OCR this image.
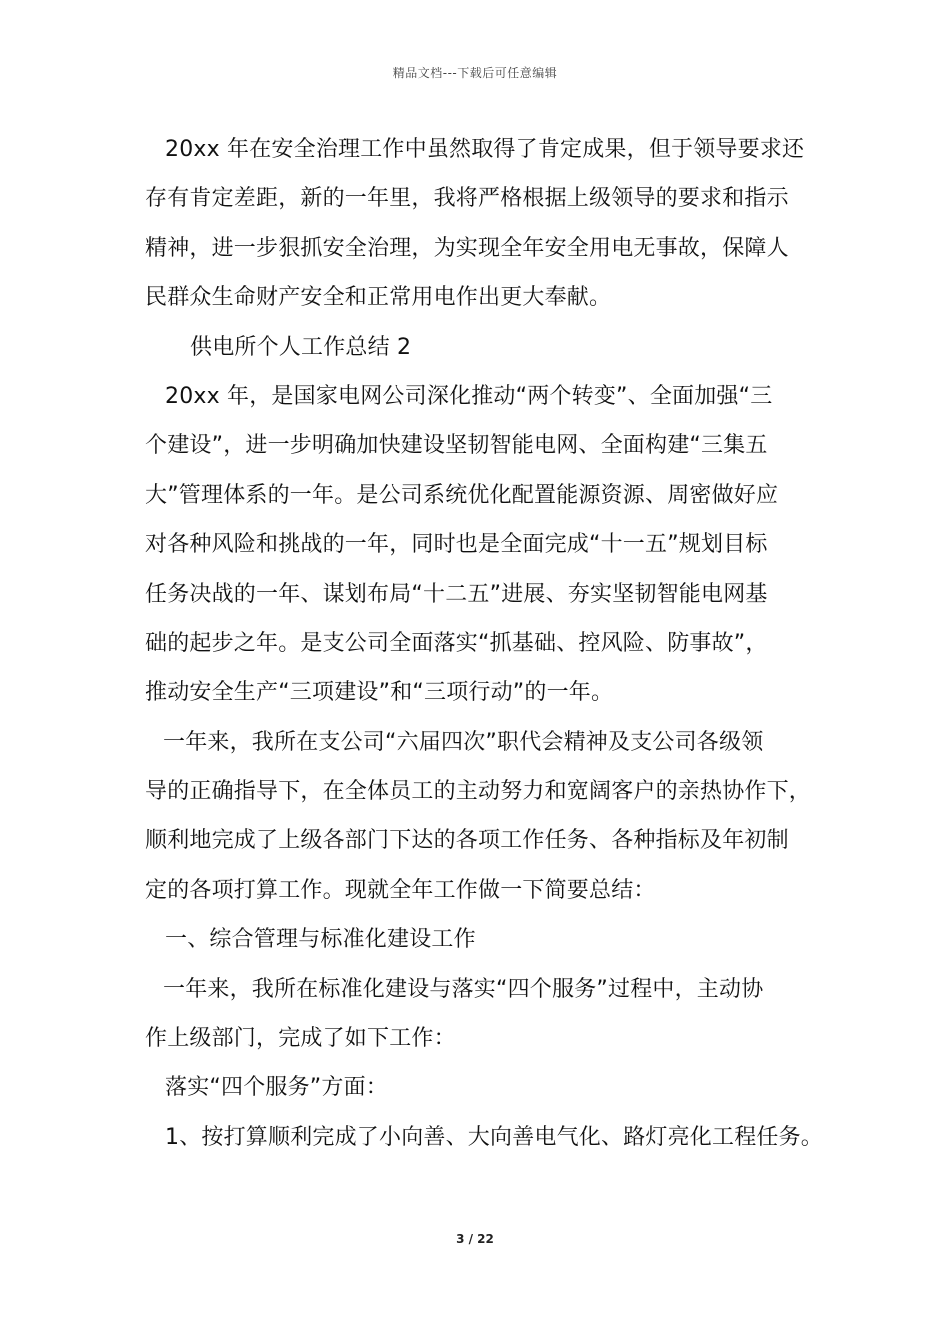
精品文档---下载后可任意编辑
20xx 年在安全治理工作中虽然取得了肯定成果，但于领导要求还
存有肯定差距，新的一年里，我将严格根据上级领导的要求和指示
精神，进一步狠抓安全治理，为实现全年安全用电无事故，保障人
民群众生命财产安全和正常用电作出更大奉献。
供电所个人工作总结 2
20xx 年，是国家电网公司深化推动“两个转变”、全面加强“三
个建设”，进一步明确加快建设坚韧智能电网、全面构建“三集五
大”管理体系的一年。是公司系统优化配置能源资源、周密做好应
对各种风险和挑战的一年，同时也是全面完成“十一五”规划目标
任务决战的一年、谋划布局“十二五”进展、夯实坚韧智能电网基
础的起步之年。是支公司全面落实“抓基础、控风险、防事故”，
推动安全生产“三项建设”和“三项行动”的一年。
一年来，我所在支公司“六届四次”职代会精神及支公司各级领
导的正确指导下，在全体员工的主动努力和宽阔客户的亲热协作下，
顺利地完成了上级各部门下达的各项工作任务、各种指标及年初制
定的各项打算工作。现就全年工作做一下简要总结：
一、综合管理与标准化建设工作
一年来，我所在标准化建设与落实“四个服务”过程中，主动协
作上级部门，完成了如下工作：
落实“四个服务”方面：
1、按打算顺利完成了小向善、大向善电气化、路灯亮化工程任务。
3 / 22
